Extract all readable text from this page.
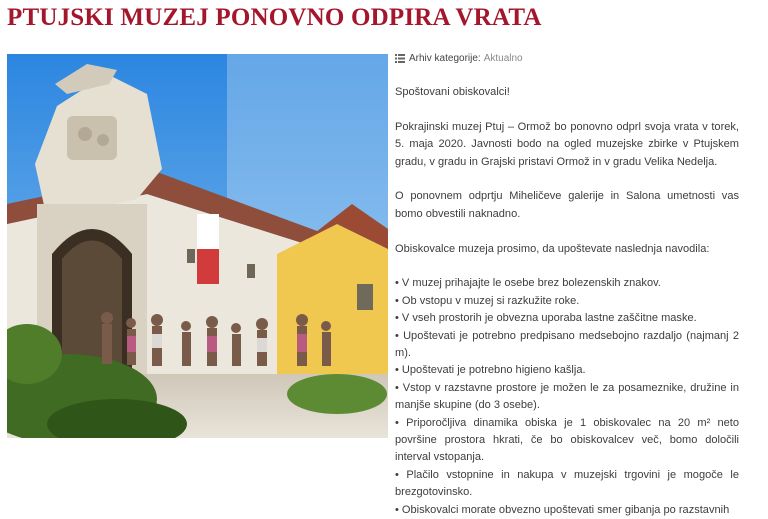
PTUJSKI MUZEJ PONOVNO ODPIRA VRATA
Arhiv kategorije: Aktualno

Spoštovani obiskovalci!

Pokrajinski muzej Ptuj – Ormož bo ponovno odprl svoja vrata v torek, 5. maja 2020. Javnosti bodo na ogled muzejske zbirke v Ptujskem gradu, v gradu in Grajski pristavi Ormož in v gradu Velika Nedelja.

O ponovnem odprtju Miheličeve galerije in Salona umetnosti vas bomo obvestili naknadno.

Obiskovalce muzeja prosimo, da upoštevate naslednja navodila:

• V muzej prihajajte le osebe brez bolezenskih znakov.
• Ob vstopu v muzej si razkužite roke.
• V vseh prostorih je obvezna uporaba lastne zaščitne maske.
• Upoštevati je potrebno predpisano medsebojno razdaljo (najmanj 2 m).
• Upoštevati je potrebno higieno kašlja.
• Vstop v razstavne prostore je možen le za posameznike, družine in manjše skupine (do 3 osebe).
• Priporočljiva dinamika obiska je 1 obiskovalec na 20 m² neto površine prostora hkrati, če bo obiskovalcev več, bomo določili interval vstopanja.
• Plačilo vstopnine in nakupa v muzejski trgovini je mogoče le brezgotovinsko.
• Obiskovalci morate obvezno upoštevati smer gibanja po razstavnih
